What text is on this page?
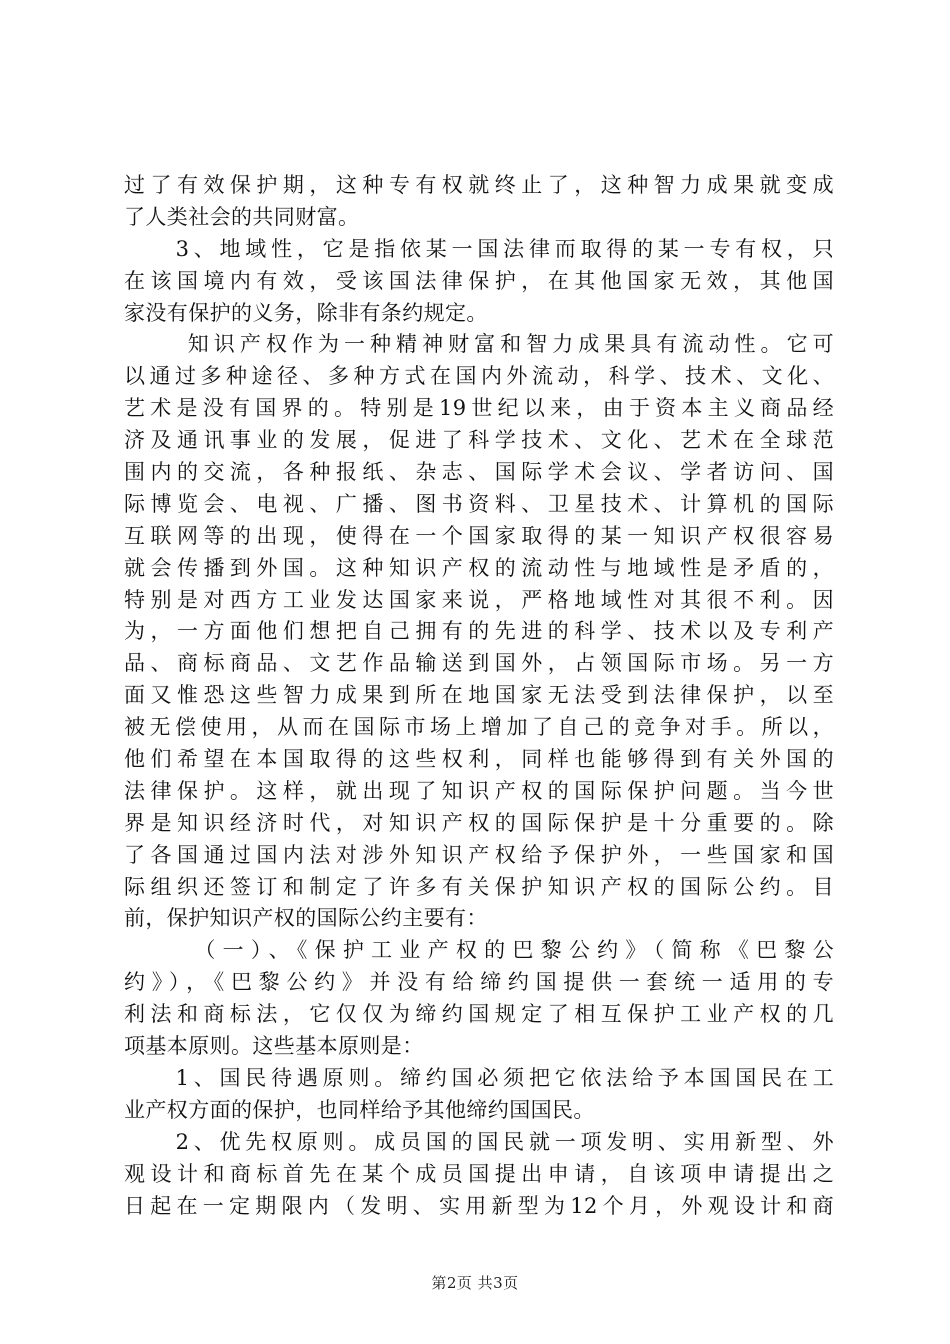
过了有效保护期，这种专有权就终止了，这种智力成果就变成
了人类社会的共同财富。
　　3、地域性，它是指依某一国法律而取得的某一专有权，只
在该国境内有效，受该国法律保护，在其他国家无效，其他国
家没有保护的义务，除非有条约规定。
　　 知识产权作为一种精神财富和智力成果具有流动性。它可
以通过多种途径、多种方式在国内外流动，科学、技术、文化、
艺术是没有国界的。特别是19世纪以来，由于资本主义商品经
济及通讯事业的发展，促进了科学技术、文化、艺术在全球范
围内的交流，各种报纸、杂志、国际学术会议、学者访问、国
际博览会、电视、广播、图书资料、卫星技术、计算机的国际
互联网等的出现，使得在一个国家取得的某一知识产权很容易
就会传播到外国。这种知识产权的流动性与地域性是矛盾的，
特别是对西方工业发达国家来说，严格地域性对其很不利。因
为，一方面他们想把自己拥有的先进的科学、技术以及专利产
品、商标商品、文艺作品输送到国外，占领国际市场。另一方
面又惟恐这些智力成果到所在地国家无法受到法律保护，以至
被无偿使用，从而在国际市场上增加了自己的竞争对手。所以，
他们希望在本国取得的这些权利，同样也能够得到有关外国的
法律保护。这样，就出现了知识产权的国际保护问题。当今世
界是知识经济时代，对知识产权的国际保护是十分重要的。除
了各国通过国内法对涉外知识产权给予保护外，一些国家和国
际组织还签订和制定了许多有关保护知识产权的国际公约。目
前，保护知识产权的国际公约主要有：
　　 （一）、《保护工业产权的巴黎公约》（简称《巴黎公
约》），《巴黎公约》并没有给缔约国提供一套统一适用的专
利法和商标法，它仅仅为缔约国规定了相互保护工业产权的几
项基本原则。这些基本原则是：
　　1、国民待遇原则。缔约国必须把它依法给予本国国民在工
业产权方面的保护，也同样给予其他缔约国国民。
　　2、优先权原则。成员国的国民就一项发明、实用新型、外
观设计和商标首先在某个成员国提出申请，自该项申请提出之
日起在一定期限内（发明、实用新型为12个月，外观设计和商
第2页 共3页
